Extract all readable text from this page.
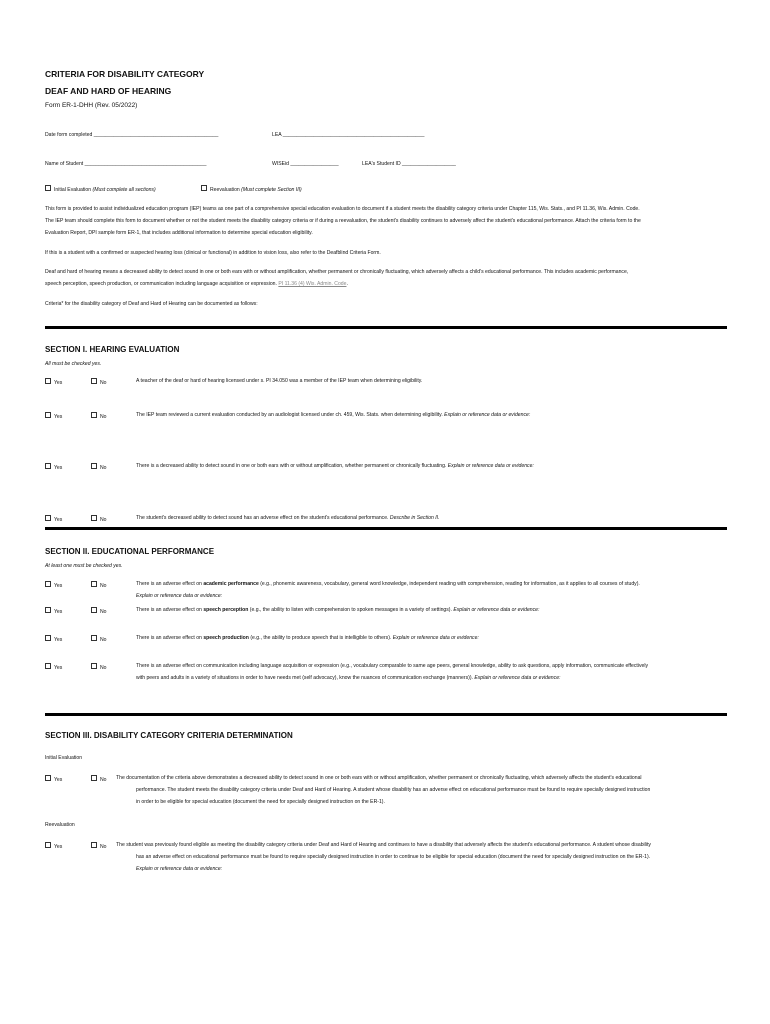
CRITERIA FOR DISABILITY CATEGORY
DEAF AND HARD OF HEARING
Form ER-1-DHH (Rev. 05/2022)
Date form completed ____________________________________________	LEA __________________________________________________
Name of Student ___________________________________________	WISEid _________________	LEA's Student ID ___________________
Initial Evaluation (Must complete all sections)	Reevaluation (Must complete Section III)
This form is provided to assist individualized education program (IEP) teams as one part of a comprehensive special education evaluation to document if a student meets the disability category criteria under Chapter 115, Wis. Stats., and PI 11.36, Wis. Admin. Code.
The IEP team should complete this form to document whether or not the student meets the disability category criteria or if during a reevaluation, the student's disability continues to adversely affect the student's educational performance. Attach the criteria form to the
Evaluation Report, DPI sample form ER-1, that includes additional information to determine special education eligibility.
If this is a student with a confirmed or suspected hearing loss (clinical or functional) in addition to vision loss, also refer to the Deafblind Criteria Form.
Deaf and hard of hearing means a decreased ability to detect sound in one or both ears with or without amplification, whether permanent or chronically fluctuating, which adversely affects a child's educational performance. This includes academic performance,
speech perception, speech production, or communication including language acquisition or expression. PI 11.36 (4) Wis. Admin. Code.
Criteria* for the disability category of Deaf and Hard of Hearing can be documented as follows:
SECTION I. HEARING EVALUATION
All must be checked yes.
Yes	No	A teacher of the deaf or hard of hearing licensed under s. PI 34.050 was a member of the IEP team when determining eligibility.
Yes	No	The IEP team reviewed a current evaluation conducted by an audiologist licensed under ch. 459, Wis. Stats. when determining eligibility. Explain or reference data or evidence:
Yes	No	There is a decreased ability to detect sound in one or both ears with or without amplification, whether permanent or chronically fluctuating. Explain or reference data or evidence:
Yes	No	The student's decreased ability to detect sound has an adverse effect on the student's educational performance. Describe in Section II.
SECTION II. EDUCATIONAL PERFORMANCE
At least one must be checked yes.
Yes	No	There is an adverse effect on academic performance (e.g., phonemic awareness, vocabulary, general word knowledge, independent reading with comprehension, reading for information, as it applies to all courses of study).
Explain or reference data or evidence:
Yes	No	There is an adverse effect on speech perception (e.g., the ability to listen with comprehension to spoken messages in a variety of settings). Explain or reference data or evidence:
Yes	No	There is an adverse effect on speech production (e.g., the ability to produce speech that is intelligible to others). Explain or reference data or evidence:
Yes	No	There is an adverse effect on communication including language acquisition or expression (e.g., vocabulary comparable to same age peers, general knowledge, ability to ask questions, apply information, communicate effectively
with peers and adults in a variety of situations in order to have needs met (self advocacy), know the nuances of communication exchange (manners)). Explain or reference data or evidence:
SECTION III. DISABILITY CATEGORY CRITERIA DETERMINATION
Initial Evaluation
Yes	No The documentation of the criteria above demonstrates a decreased ability to detect sound in one or both ears with or without amplification, whether permanent or chronically fluctuating, which adversely affects the student's educational
performance. The student meets the disability category criteria under Deaf and Hard of Hearing. A student whose disability has an adverse effect on educational performance must be found to require specially designed instruction
in order to be eligible for special education (document the need for specially designed instruction on the ER-1).
Reevaluation
Yes	No The student was previously found eligible as meeting the disability category criteria under Deaf and Hard of Hearing and continues to have a disability that adversely affects the student's educational performance. A student whose disability
has an adverse effect on educational performance must be found to require specially designed instruction in order to continue to be eligible for special education (document the need for specially designed instruction on the ER-1).
Explain or reference data or evidence:
